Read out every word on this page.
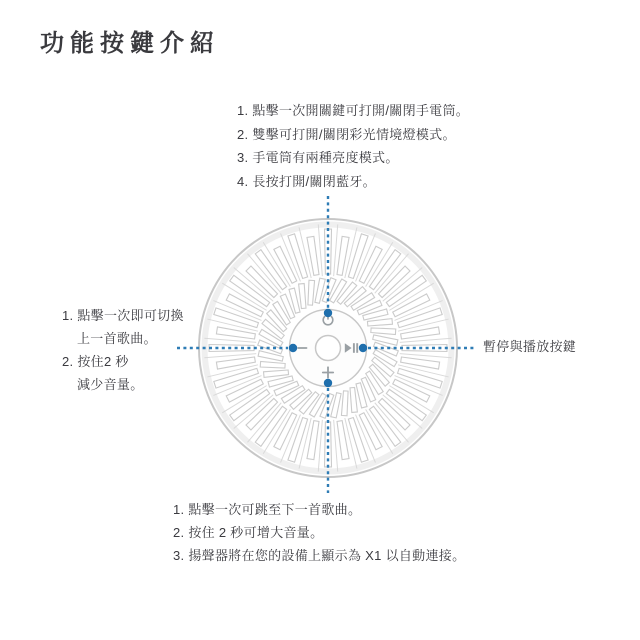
功能按鍵介紹
1. 點擊一次開關鍵可打開/關閉手電筒。
2. 雙擊可打開/關閉彩光情境燈模式。
3. 手電筒有兩種亮度模式。
4. 長按打開/關閉藍牙。
1. 點擊一次即可切換
上一首歌曲。
2. 按住2 秒
減少音量。
暫停與播放按鍵
1. 點擊一次可跳至下一首歌曲。
2. 按住 2 秒可增大音量。
3. 揚聲器將在您的設備上顯示為 X1 以自動連接。
